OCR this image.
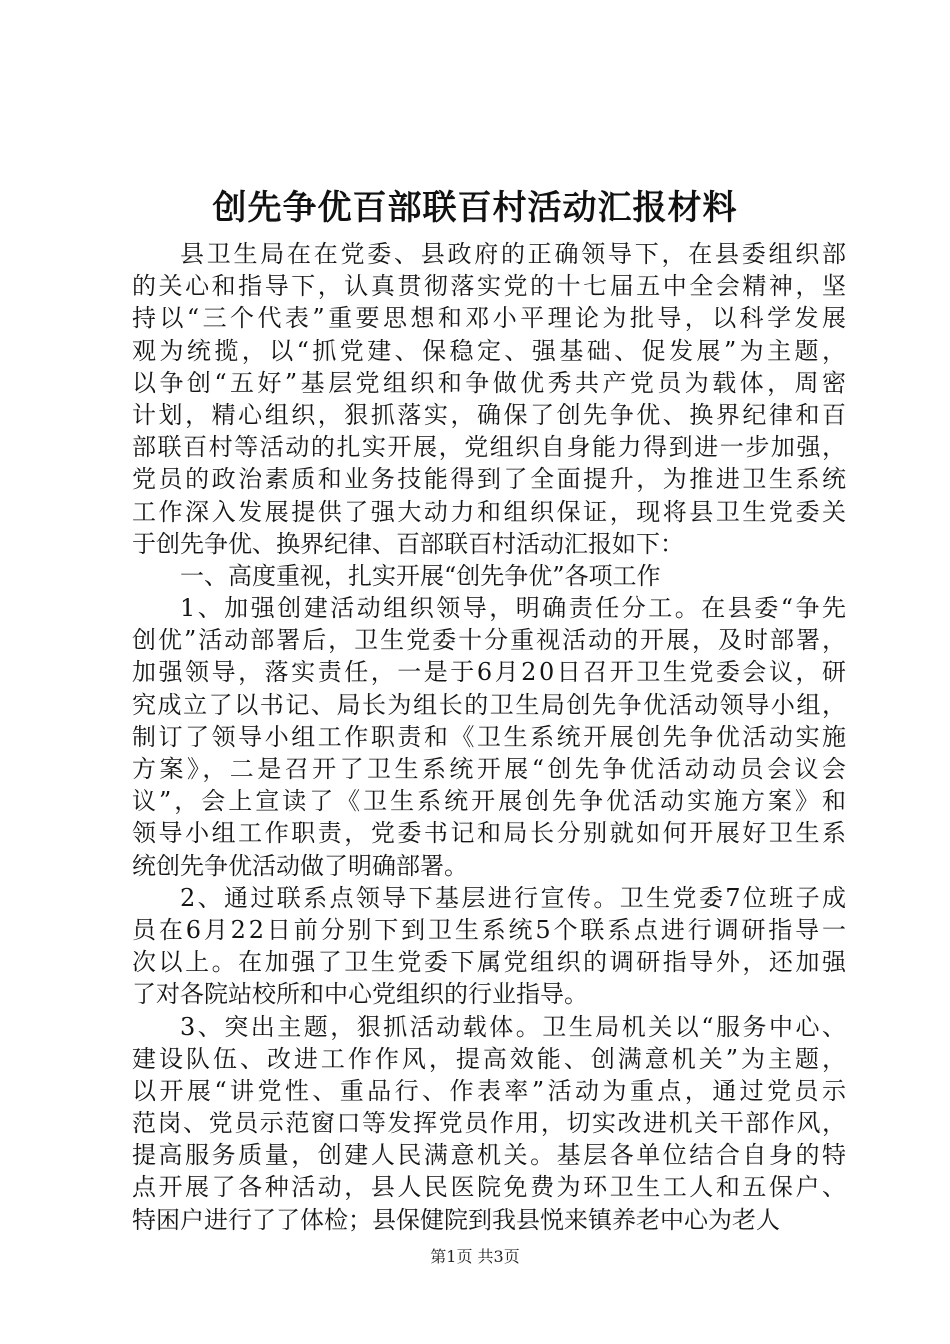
创先争优百部联百村活动汇报材料
县卫生局在在党委、县政府的正确领导下，在县委组织部
的关心和指导下，认真贯彻落实党的十七届五中全会精神，坚
持以“三个代表”重要思想和邓小平理论为批导，以科学发展
观为统揽，以“抓党建、保稳定、强基础、促发展”为主题，
以争创“五好”基层党组织和争做优秀共产党员为载体，周密
计划，精心组织，狠抓落实，确保了创先争优、换界纪律和百
部联百村等活动的扎实开展，党组织自身能力得到进一步加强，
党员的政治素质和业务技能得到了全面提升，为推进卫生系统
工作深入发展提供了强大动力和组织保证，现将县卫生党委关
于创先争优、换界纪律、百部联百村活动汇报如下：
一、高度重视，扎实开展“创先争优”各项工作
1、加强创建活动组织领导，明确责任分工。在县委“争先
创优”活动部署后，卫生党委十分重视活动的开展，及时部署，
加强领导，落实责任，一是于6月20日召开卫生党委会议，研
究成立了以书记、局长为组长的卫生局创先争优活动领导小组，
制订了领导小组工作职责和《卫生系统开展创先争优活动实施
方案》，二是召开了卫生系统开展“创先争优活动动员会议会
议”，会上宣读了《卫生系统开展创先争优活动实施方案》和
领导小组工作职责，党委书记和局长分别就如何开展好卫生系
统创先争优活动做了明确部署。
2、通过联系点领导下基层进行宣传。卫生党委7位班子成
员在6月22日前分别下到卫生系统5个联系点进行调研指导一
次以上。在加强了卫生党委下属党组织的调研指导外，还加强
了对各院站校所和中心党组织的行业指导。
3、突出主题，狠抓活动载体。卫生局机关以“服务中心、
建设队伍、改进工作作风，提高效能、创满意机关”为主题，
以开展“讲党性、重品行、作表率”活动为重点，通过党员示
范岗、党员示范窗口等发挥党员作用，切实改进机关干部作风，
提高服务质量，创建人民满意机关。基层各单位结合自身的特
点开展了各种活动，县人民医院免费为环卫生工人和五保户、
特困户进行了了体检；县保健院到我县悦来镇养老中心为老人
第1页 共3页
